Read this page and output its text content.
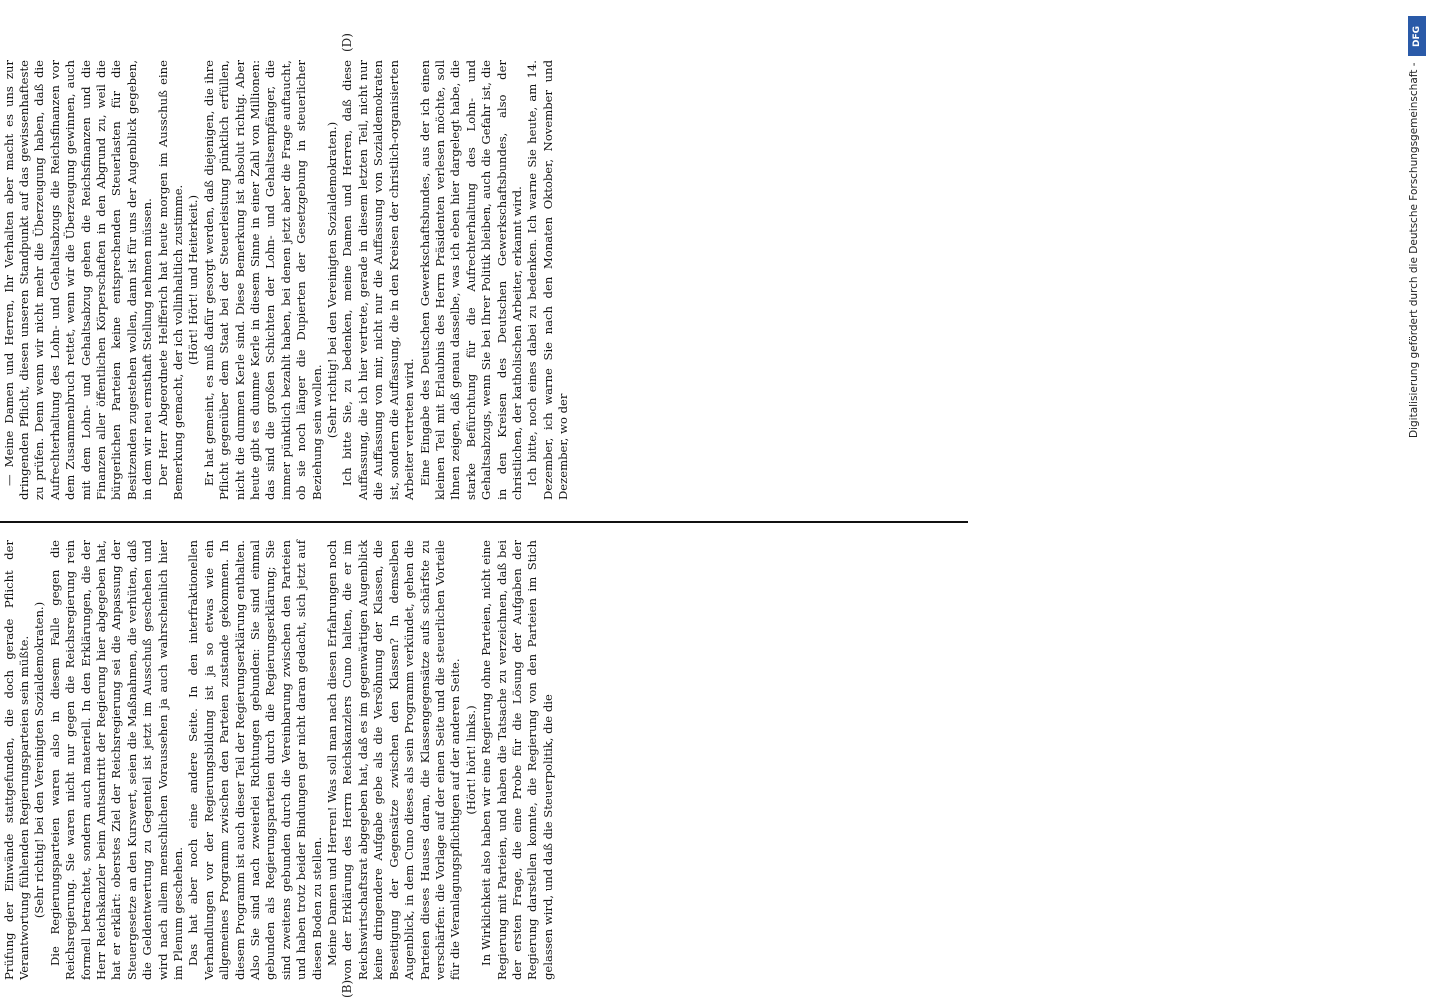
(B)
(D)

Prüfung der Einwände stattgefunden, die doch gerade Pflicht der Verantwortung fühlenden Regierungsparteien sein müßte. (Sehr richtig! bei den Vereinigten Sozialdemokraten.) Die Regierungsparteien waren also in diesem Falle gegen die Reichsregierung. Sie waren nicht nur gegen die Reichsregierung rein formell betrachtet, sondern auch materiell. In den Erklärungen, die der Herr Reichskanzler beim Amtsantritt der Regierung hier abgegeben hat, hat er erklärt: oberstes Ziel der Reichsregierung sei die Anpassung der Steuergesetze an den Kurswert, seien die Maßnahmen, die verhüten, daß die Geldentwertung zu Gegenteil ist jetzt im Ausschuß geschehen und wird nach allem menschlichen Voraussehen ja auch wahrscheinlich hier im Plenum geschehen. Das hat aber noch eine andere Seite. In den interfraktionellen Verhandlungen vor der Regierungsbildung ist ja so etwas wie ein allgemeines Programm zwischen den Parteien zustande gekommen. In diesem Programm ist auch dieser Teil der Regierungserklärung enthalten. Also Sie sind nach zweierlei Richtungen gebunden: Sie sind einmal gebunden als Regierungsparteien durch die Regierungserklärung; Sie sind zweitens gebunden durch die Vereinbarung zwischen den Parteien und haben trotz beider Bindungen gar nicht daran gedacht, sich jetzt auf diesen Boden zu stellen. Meine Damen und Herren! Was soll man nach diesen Erfahrungen noch von der Erklärung des Herrn Reichskanzlers Cuno halten, die er im Reichswirtschaftsrat abgegeben hat, daß es im gegenwärtigen Augenblick keine dringendere Aufgabe gebe als die Versöhnung der Klassen, die Beseitigung der Gegensätze zwischen den Klassen? In demselben Augenblick, in dem Cuno dieses als sein Programm verkündet, gehen die Parteien dieses Hauses daran, die Klassengegensätze aufs schärfste zu verschärfen: die Vorlage auf der einen Seite und die steuerlichen Vorteile für die Veranlagungspflichtigen auf der anderen Seite. (Hört! hört! links.) In Wirklichkeit also haben wir eine Regierung ohne Parteien, nicht eine Regierung mit Parteien, und haben die Tatsache zu verzeichnen, daß bei der ersten Frage, die eine Probe für die Lösung der Aufgaben der Regierung darstellen konnte, die Regierung von den Parteien im Stich gelassen wird, und daß die Steuerpolitik, die die

— Meine Damen und Herren, Ihr Verhalten aber macht es uns zur dringenden Pflicht, diesen unseren Standpunkt auf das gewissenhafteste zu prüfen. Denn wenn wir nicht mehr die Überzeugung haben, daß die Aufrechterhaltung des Lohn- und Gehaltsabzugs die Reichsfinanzen vor dem Zusammenbruch rettet, wenn wir die Überzeugung gewinnen, auch mit dem Lohn- und Gehaltsabzug gehen die Reichsfinanzen und die Finanzen aller öffentlichen Körperschaften in den Abgrund zu, weil die bürgerlichen Parteien keine entsprechenden Steuerlasten für die Besitzenden zugestehen wollen, dann ist für uns der Augenblick gegeben, in dem wir neu ernsthaft Stellung nehmen müssen. Der Herr Abgeordnete Helfferich hat heute morgen im Ausschuß eine Bemerkung gemacht, der ich vollinhaltlich zustimme. (Hört! Hört! und Heiterkeit.) Er hat gemeint, es muß dafür gesorgt werden, daß diejenigen, die ihre Pflicht gegenüber dem Staat bei der Steuerleistung pünktlich erfüllen, nicht die dummen Kerle sind. Diese Bemerkung ist absolut richtig. Aber heute gibt es dumme Kerle in diesem Sinne in einer Zahl von Millionen: das sind die großen Schichten der Lohn- und Gehaltsempfänger, die immer pünktlich bezahlt haben, bei denen jetzt aber die Frage auftaucht, ob sie noch länger die Dupierten der Gesetzgebung in steuerlicher Beziehung sein wollen. (Sehr richtig! bei den Vereinigten Sozialdemokraten.) Ich bitte Sie, zu bedenken, meine Damen und Herren, daß diese Auffassung, die ich hier vertrete, gerade in diesem letzten Teil, nicht nur die Auffassung von mir, nicht nur die Auffassung von Sozialdemokraten ist, sondern die Auffassung, die in den Kreisen der christlich-organisierten Arbeiter vertreten wird. Eine Eingabe des Deutschen Gewerkschaftsbundes, aus der ich einen kleinen Teil mit Erlaubnis des Herrn Präsidenten verlesen möchte, soll Ihnen zeigen, daß genau dasselbe, was ich eben hier dargelegt habe, die starke Befürchtung für die Aufrechterhaltung des Lohn- und Gehaltsabzugs, wenn Sie bei Ihrer Politik bleiben, auch die Gefahr ist, die in den Kreisen des Deutschen Gewerkschaftsbundes, also der christlichen, der katholischen Arbeiter, erkannt wird. Ich bitte, noch eines dabei zu bedenken. Ich warne Sie heute, am 14. Dezember, ich warne Sie nach den Monaten Oktober, November und Dezember, wo der

DFG
Digitalisierung gefördert durch die Deutsche Forschungsgemeinschaft -
